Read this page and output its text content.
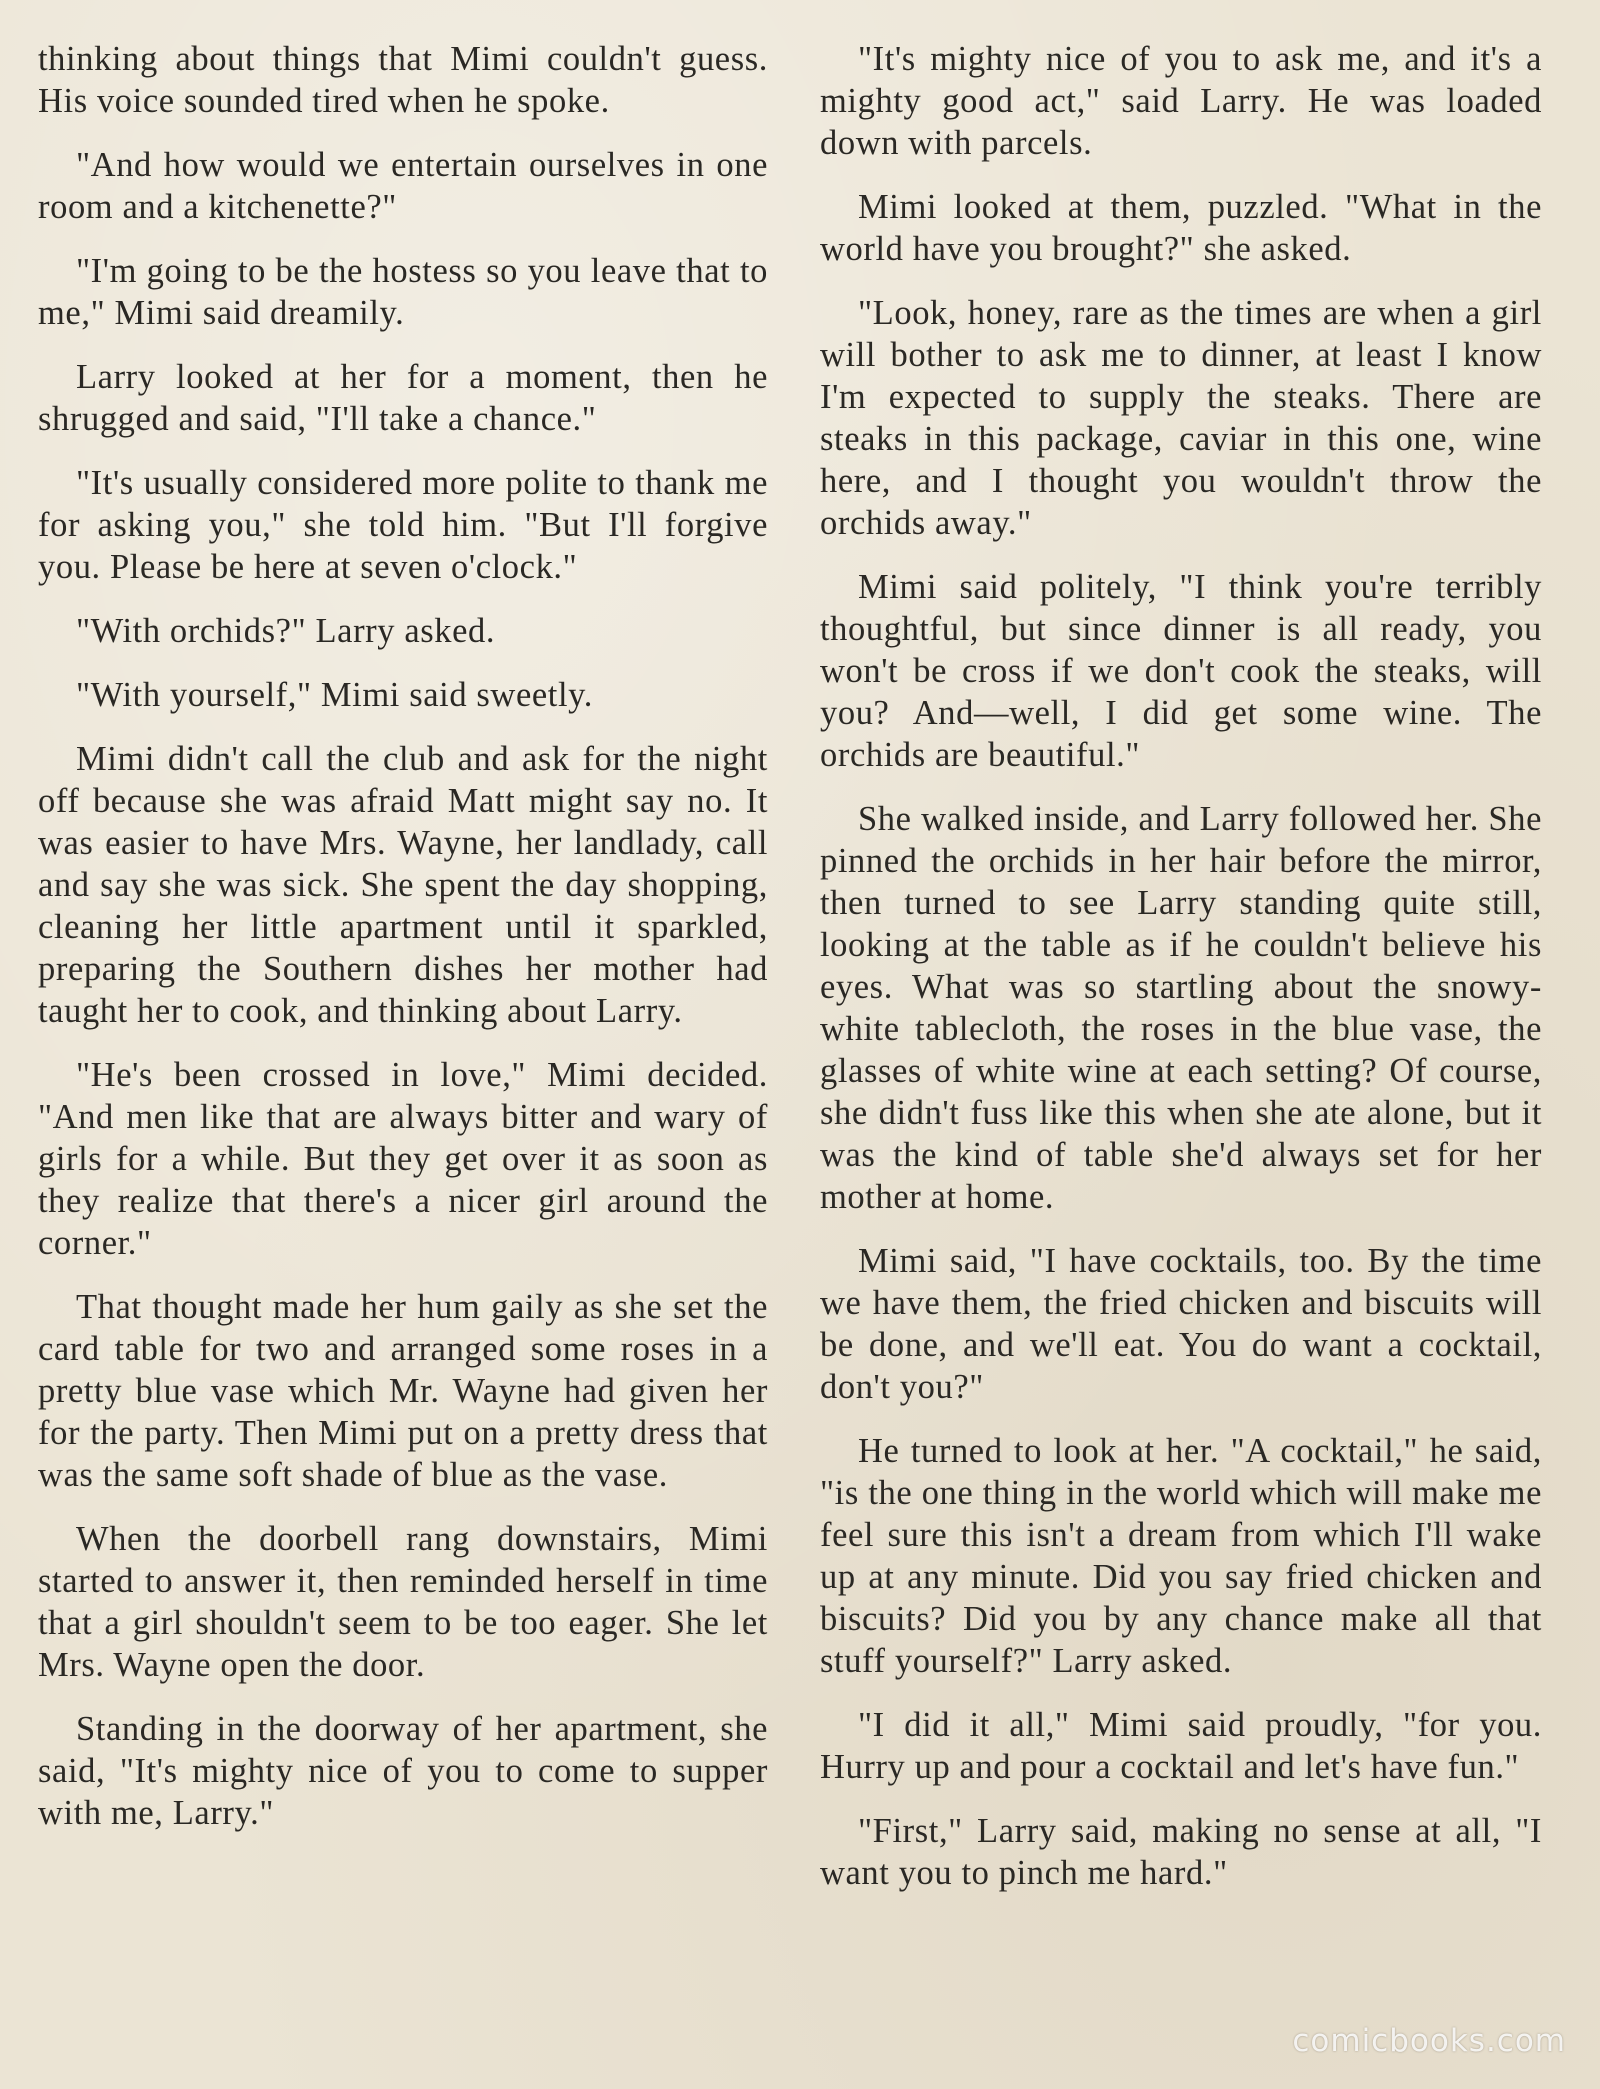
thinking about things that Mimi couldn't guess. His voice sounded tired when he spoke.

"And how would we entertain ourselves in one room and a kitchenette?"

"I'm going to be the hostess so you leave that to me," Mimi said dreamily.

Larry looked at her for a moment, then he shrugged and said, "I'll take a chance."

"It's usually considered more polite to thank me for asking you," she told him. "But I'll forgive you. Please be here at seven o'clock."

"With orchids?" Larry asked.

"With yourself," Mimi said sweetly.

Mimi didn't call the club and ask for the night off because she was afraid Matt might say no. It was easier to have Mrs. Wayne, her landlady, call and say she was sick. She spent the day shopping, cleaning her little apartment until it sparkled, preparing the Southern dishes her mother had taught her to cook, and thinking about Larry.

"He's been crossed in love," Mimi decided. "And men like that are always bitter and wary of girls for a while. But they get over it as soon as they realize that there's a nicer girl around the corner."

That thought made her hum gaily as she set the card table for two and arranged some roses in a pretty blue vase which Mr. Wayne had given her for the party. Then Mimi put on a pretty dress that was the same soft shade of blue as the vase.

When the doorbell rang downstairs, Mimi started to answer it, then reminded herself in time that a girl shouldn't seem to be too eager. She let Mrs. Wayne open the door.

Standing in the doorway of her apartment, she said, "It's mighty nice of you to come to supper with me, Larry."

"It's mighty nice of you to ask me, and it's a mighty good act," said Larry. He was loaded down with parcels.

Mimi looked at them, puzzled. "What in the world have you brought?" she asked.

"Look, honey, rare as the times are when a girl will bother to ask me to dinner, at least I know I'm expected to supply the steaks. There are steaks in this package, caviar in this one, wine here, and I thought you wouldn't throw the orchids away."

Mimi said politely, "I think you're terribly thoughtful, but since dinner is all ready, you won't be cross if we don't cook the steaks, will you? And—well, I did get some wine. The orchids are beautiful."

She walked inside, and Larry followed her. She pinned the orchids in her hair before the mirror, then turned to see Larry standing quite still, looking at the table as if he couldn't believe his eyes. What was so startling about the snowy-white tablecloth, the roses in the blue vase, the glasses of white wine at each setting? Of course, she didn't fuss like this when she ate alone, but it was the kind of table she'd always set for her mother at home.

Mimi said, "I have cocktails, too. By the time we have them, the fried chicken and biscuits will be done, and we'll eat. You do want a cocktail, don't you?"

He turned to look at her. "A cocktail," he said, "is the one thing in the world which will make me feel sure this isn't a dream from which I'll wake up at any minute. Did you say fried chicken and biscuits? Did you by any chance make all that stuff yourself?" Larry asked.

"I did it all," Mimi said proudly, "for you. Hurry up and pour a cocktail and let's have fun."

"First," Larry said, making no sense at all, "I want you to pinch me hard."

comicbooks.com
